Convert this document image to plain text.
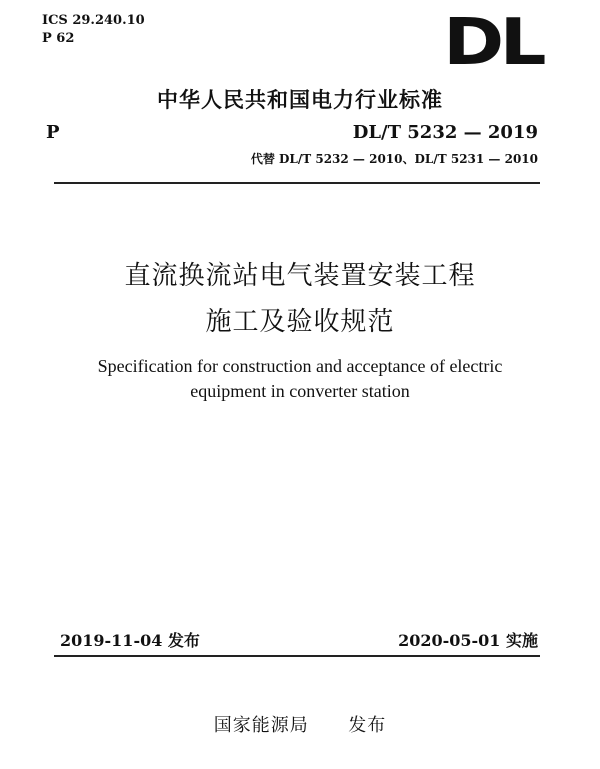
ICS 29.240.10
P 62	DL
中华人民共和国电力行业标准
P	DL/T 5232 — 2019
代替 DL/T 5232 — 2010、DL/T 5231 — 2010
直流换流站电气装置安装工程
施工及验收规范
Specification for construction and acceptance of electric
equipment in converter station
2019-11-04 发布	2020-05-01 实施
国家能源局 发布
